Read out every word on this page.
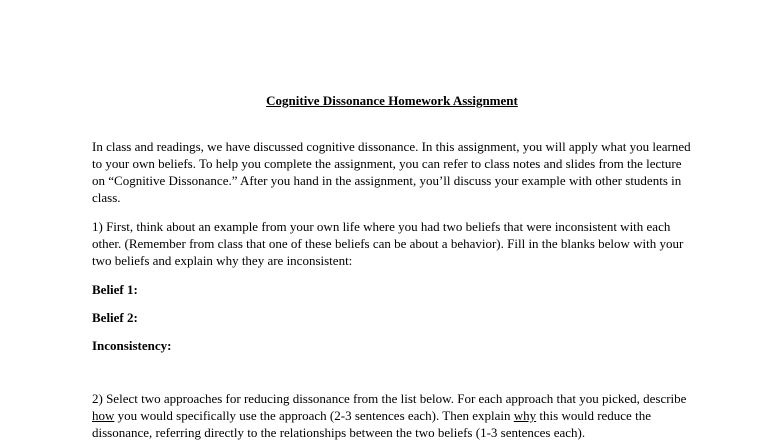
Cognitive Dissonance Homework Assignment

In class and readings, we have discussed cognitive dissonance. In this assignment, you will apply what you learned to your own beliefs. To help you complete the assignment, you can refer to class notes and slides from the lecture on “Cognitive Dissonance.” After you hand in the assignment, you’ll discuss your example with other students in class.

1) First, think about an example from your own life where you had two beliefs that were inconsistent with each other. (Remember from class that one of these beliefs can be about a behavior). Fill in the blanks below with your two beliefs and explain why they are inconsistent:

Belief 1:
Belief 2:
Inconsistency:

2) Select two approaches for reducing dissonance from the list below. For each approach that you picked, describe how you would specifically use the approach (2-3 sentences each). Then explain why this would reduce the dissonance, referring directly to the relationships between the two beliefs (1-3 sentences each).
